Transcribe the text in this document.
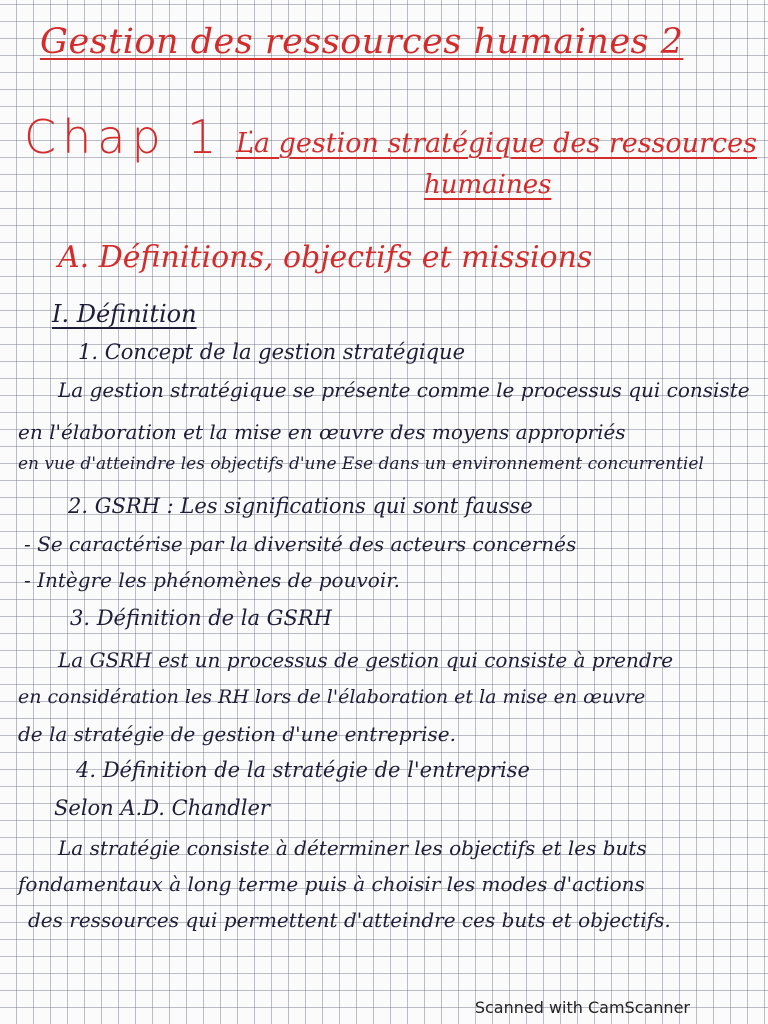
Gestion des ressources humaines 2
Chap 1 :
La gestion stratégique des ressources
humaines
A. Définitions, objectifs et missions
I. Définition
1. Concept de la gestion stratégique
La gestion stratégique se présente comme le processus qui consiste
en l'élaboration et la mise en œuvre des moyens appropriés
en vue d'atteindre les objectifs d'une Ese dans un environnement concurrentiel
2. GSRH : Les significations qui sont fausse
- Se caractérise par la diversité des acteurs concernés
- Intègre les phénomènes de pouvoir.
3. Définition de la GSRH
La GSRH est un processus de gestion qui consiste à prendre
en considération les RH lors de l'élaboration et la mise en œuvre
de la stratégie de gestion d'une entreprise.
4. Définition de la stratégie de l'entreprise
Selon A.D. Chandler
La stratégie consiste à déterminer les objectifs et les buts
fondamentaux à long terme puis à choisir les modes d'actions
des ressources qui permettent d'atteindre ces buts et objectifs.
Scanned with CamScanner
